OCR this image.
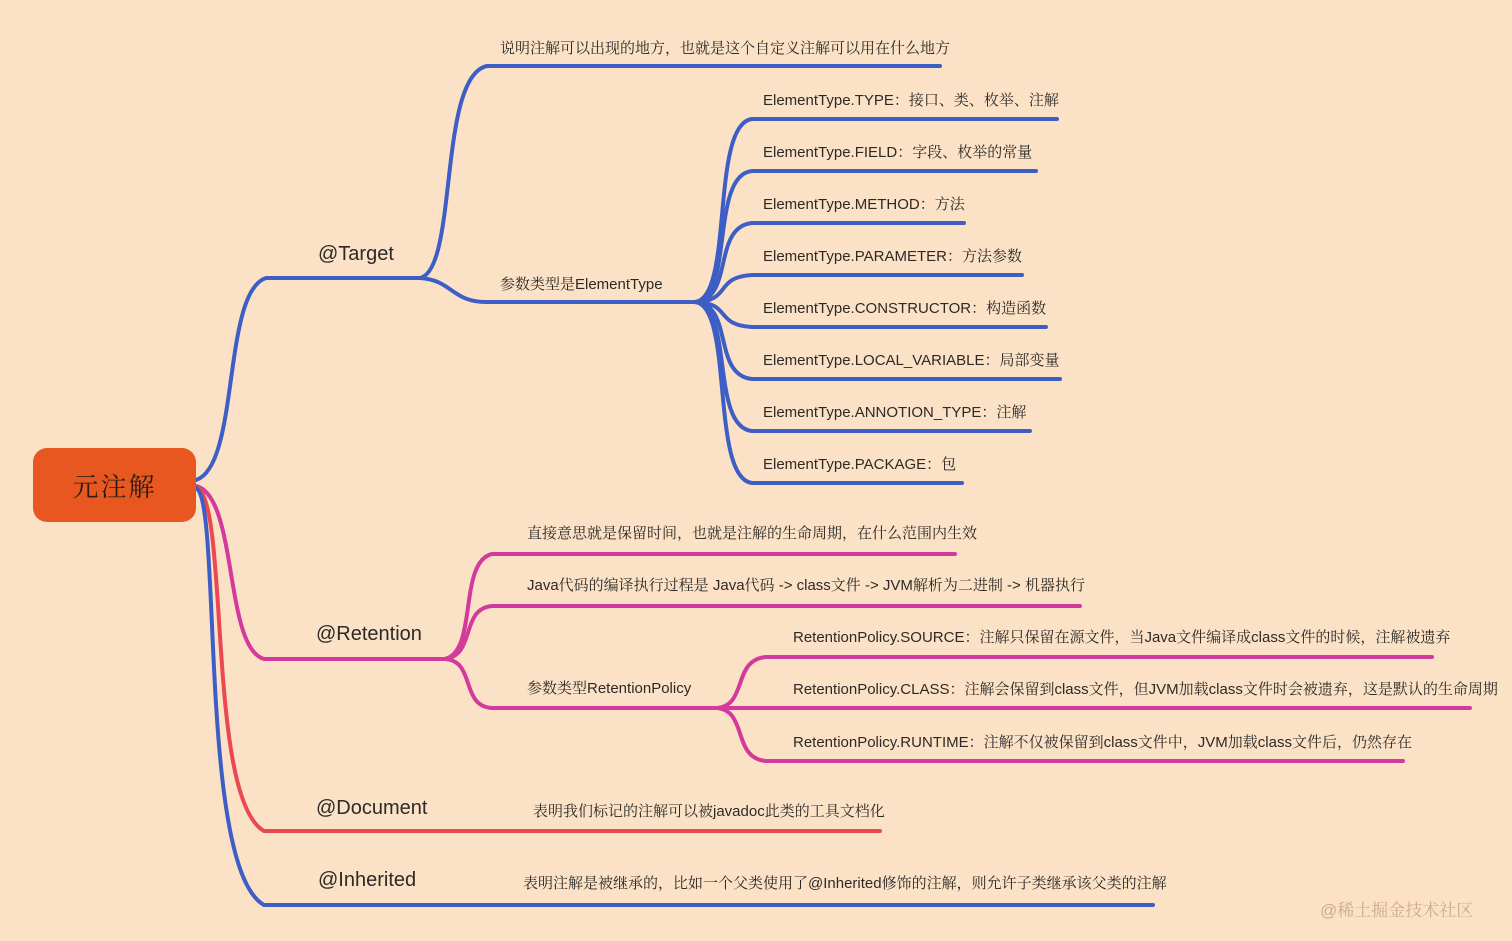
元注解
@Target
说明注解可以出现的地方，也就是这个自定义注解可以用在什么地方
参数类型是ElementType
ElementType.TYPE：接口、类、枚举、注解
ElementType.FIELD：字段、枚举的常量
ElementType.METHOD：方法
ElementType.PARAMETER：方法参数
ElementType.CONSTRUCTOR：构造函数
ElementType.LOCAL_VARIABLE：局部变量
ElementType.ANNOTION_TYPE：注解
ElementType.PACKAGE：包
@Retention
直接意思就是保留时间，也就是注解的生命周期，在什么范围内生效
Java代码的编译执行过程是 Java代码 -> class文件 -> JVM解析为二进制 -> 机器执行
参数类型RetentionPolicy
RetentionPolicy.SOURCE：注解只保留在源文件，当Java文件编译成class文件的时候，注解被遗弃
RetentionPolicy.CLASS：注解会保留到class文件，但JVM加载class文件时会被遗弃，这是默认的生命周期
RetentionPolicy.RUNTIME：注解不仅被保留到class文件中，JVM加载class文件后，仍然存在
@Document	表明我们标记的注解可以被javadoc此类的工具文档化
@Inherited	表明注解是被继承的，比如一个父类使用了@Inherited修饰的注解，则允许子类继承该父类的注解
@稀土掘金技术社区
